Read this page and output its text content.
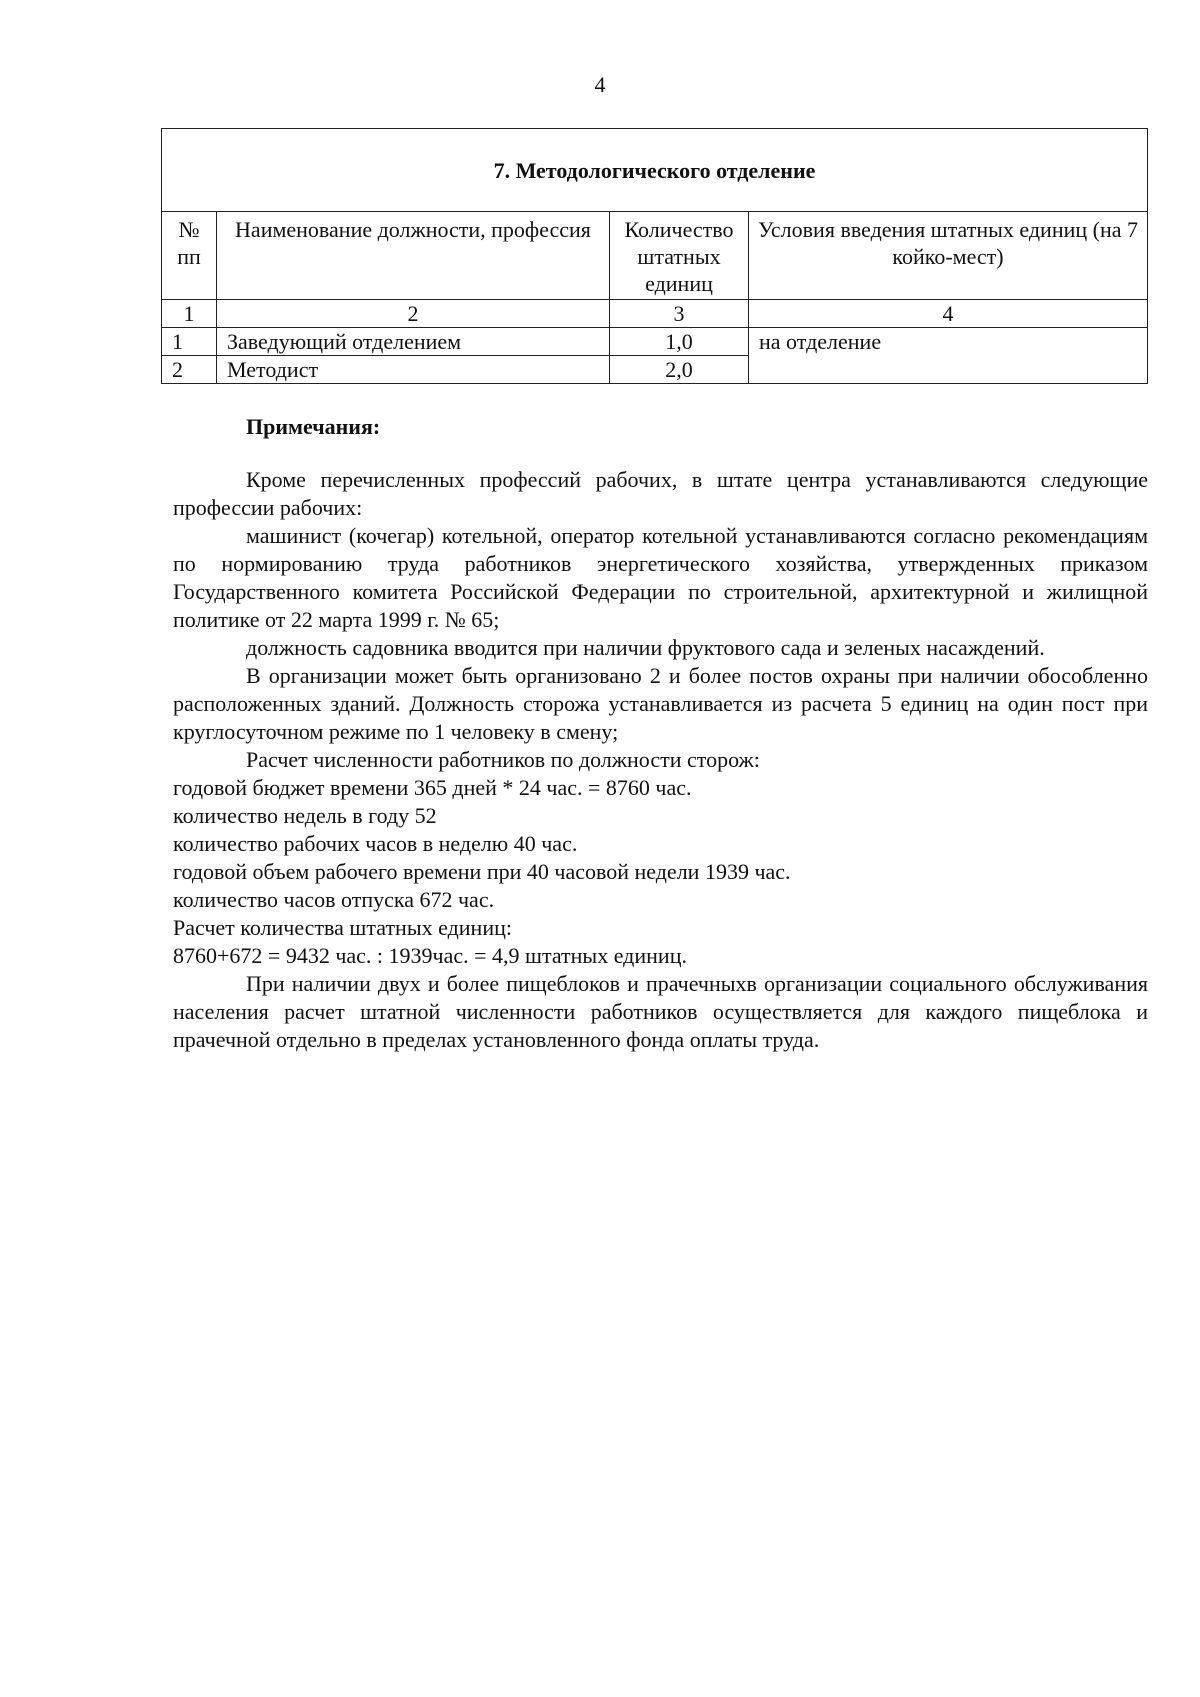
4
7. Методологического отделение			
№ пп	Наименование должности, профессия	Количество штатных единиц	Условия введения штатных единиц (на 7 койко-мест)
1	2	3	4
1	Заведующий отделением	1,0	на отделение
2	Методист	2,0	
Примечания:

Кроме перечисленных профессий рабочих, в штате центра устанавливаются следующие профессии рабочих:

машинист (кочегар) котельной, оператор котельной устанавливаются согласно рекомендациям по нормированию труда работников энергетического хозяйства, утвержденных приказом Государственного комитета Российской Федерации по строительной, архитектурной и жилищной политике от 22 марта 1999 г. № 65;

должность садовника вводится при наличии фруктового сада и зеленых насаждений.

В организации может быть организовано 2 и более постов охраны при наличии обособленно расположенных зданий. Должность сторожа устанавливается из расчета 5 единиц на один пост при круглосуточном режиме по 1 человеку в смену;

Расчет численности работников по должности сторож:

годовой бюджет времени 365 дней * 24 час. = 8760 час.

количество недель в году 52

количество рабочих часов в неделю 40 час.

годовой объем рабочего времени при 40 часовой недели 1939 час.

количество часов отпуска 672 час.

Расчет количества штатных единиц:

8760+672 = 9432 час. : 1939час. = 4,9 штатных единиц.

При наличии двух и более пищеблоков и прачечныхв организации социального обслуживания населения расчет штатной численности работников осуществляется для каждого пищеблока и прачечной отдельно в пределах установленного фонда оплаты труда.
